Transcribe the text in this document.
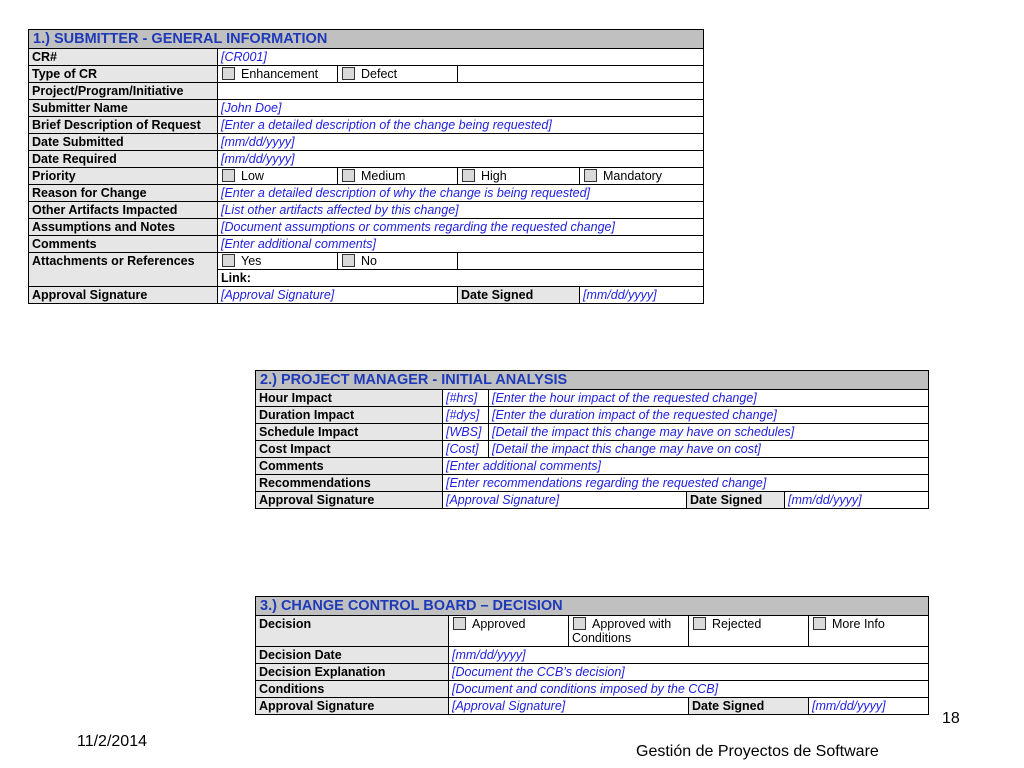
1.) SUBMITTER - GENERAL INFORMATION				
CR#	[CR001]			
Type of CR	Enhancement	Defect		
Project/Program/Initiative				
Submitter Name	[John Doe]			
Brief Description of Request	[Enter a detailed description of the change being requested]			
Date Submitted	[mm/dd/yyyy]			
Date Required	[mm/dd/yyyy]			
Priority	Low	Medium	High	Mandatory
Reason for Change	[Enter a detailed description of why the change is being requested]			
Other Artifacts Impacted	[List other artifacts affected by this change]			
Assumptions and Notes	[Document assumptions or comments regarding the requested change]			
Comments	[Enter additional comments]			
Attachments or References	Yes	No		
	Link:			
Approval Signature	[Approval Signature]		Date Signed	[mm/dd/yyyy]
2.) PROJECT MANAGER - INITIAL ANALYSIS				
Hour Impact	[#hrs]	[Enter the hour impact of the requested change]		
Duration Impact	[#dys]	[Enter the duration impact of the requested change]		
Schedule Impact	[WBS]	[Detail the impact this change may have on schedules]		
Cost Impact	[Cost]	[Detail the impact this change may have on cost]		
Comments	[Enter additional comments]			
Recommendations	[Enter recommendations regarding the requested change]			
Approval Signature	[Approval Signature]		Date Signed	[mm/dd/yyyy]
3.) CHANGE CONTROL BOARD – DECISION				
Decision	Approved	Approved with Conditions	Rejected	More Info
Decision Date	[mm/dd/yyyy]			
Decision Explanation	[Document the CCB’s decision]			
Conditions	[Document and conditions imposed by the CCB]			
Approval Signature	[Approval Signature]		Date Signed	[mm/dd/yyyy]
18
11/2/2014
Gestión de Proyectos de Software
